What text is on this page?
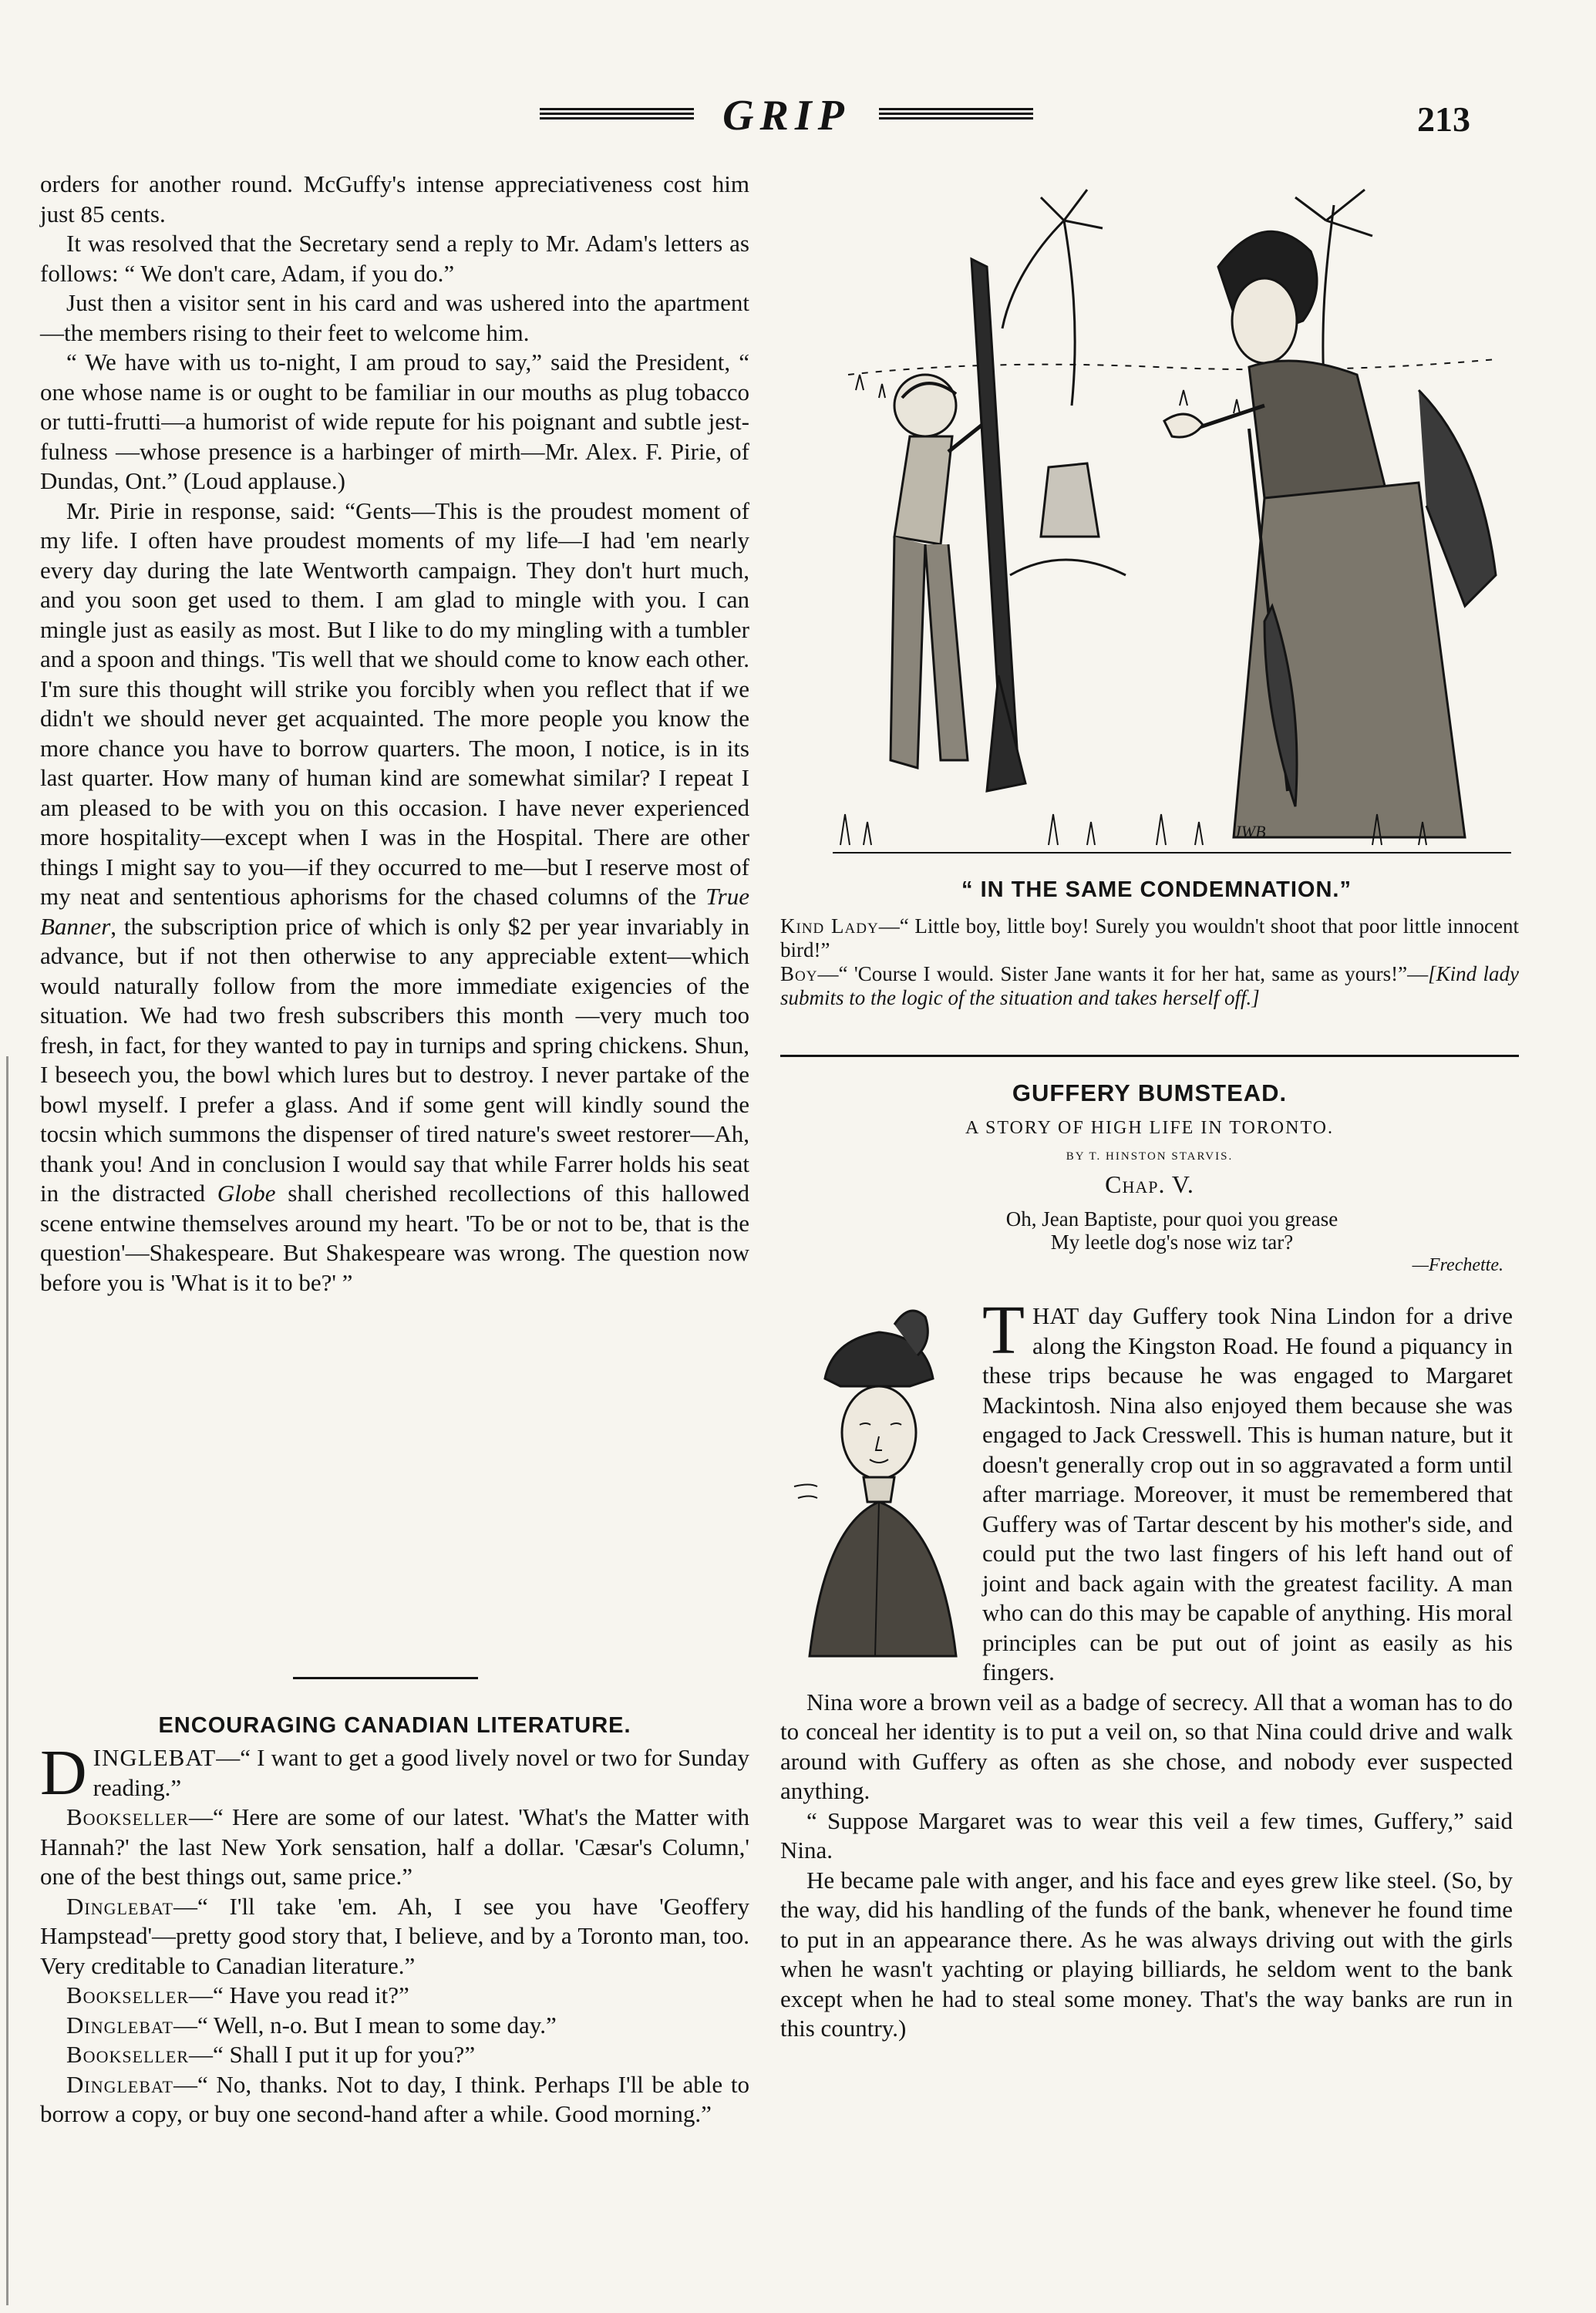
GRIP	213

orders for another round. McGuffy's intense appreciativeness cost him just 85 cents.

It was resolved that the Secretary send a reply to Mr. Adam's letters as follows: “ We don't care, Adam, if you do.”

Just then a visitor sent in his card and was ushered into the apartment—the members rising to their feet to welcome him.

“ We have with us to-night, I am proud to say,” said the President, “ one whose name is or ought to be familiar in our mouths as plug tobacco or tutti-frutti—a humorist of wide repute for his poignant and subtle jestfulness —whose presence is a harbinger of mirth—Mr. Alex. F. Pirie, of Dundas, Ont.” (Loud applause.)

Mr. Pirie in response, said: “Gents—This is the proudest moment of my life. I often have proudest moments of my life—I had 'em nearly every day during the late Wentworth campaign. They don't hurt much, and you soon get used to them. I am glad to mingle with you. I can mingle just as easily as most. But I like to do my mingling with a tumbler and a spoon and things. 'Tis well that we should come to know each other. I'm sure this thought will strike you forcibly when you reflect that if we didn't we should never get acquainted. The more people you know the more chance you have to borrow quarters. The moon, I notice, is in its last quarter. How many of human kind are somewhat similar? I repeat I am pleased to be with you on this occasion. I have never experienced more hospitality—except when I was in the Hospital. There are other things I might say to you—if they occurred to me—but I reserve most of my neat and sententious aphorisms for the chased columns of the True Banner, the subscription price of which is only $2 per year invariably in advance, but if not then otherwise to any appreciable extent—which would naturally follow from the more immediate exigencies of the situation. We had two fresh subscribers this month —very much too fresh, in fact, for they wanted to pay in turnips and spring chickens. Shun, I beseech you, the bowl which lures but to destroy. I never partake of the bowl myself. I prefer a glass. And if some gent will kindly sound the tocsin which summons the dispenser of tired nature's sweet restorer—Ah, thank you! And in conclusion I would say that while Farrer holds his seat in the distracted Globe shall cherished recollections of this hallowed scene entwine themselves around my heart. 'To be or not to be, that is the question'—Shakespeare. But Shakespeare was wrong. The question now before you is 'What is it to be?' ”

ENCOURAGING CANADIAN LITERATURE.

DINGLEBAT—“ I want to get a good lively novel or two for Sunday reading.”

Bookseller—“ Here are some of our latest. 'What's the Matter with Hannah?' the last New York sensation, half a dollar. 'Cæsar's Column,' one of the best things out, same price.”

Dinglebat—“ I'll take 'em. Ah, I see you have 'Geoffery Hampstead'—pretty good story that, I believe, and by a Toronto man, too. Very creditable to Canadian literature.”

Bookseller—“ Have you read it?”

Dinglebat—“ Well, n-o. But I mean to some day.”

Bookseller—“ Shall I put it up for you?”

Dinglebat—“ No, thanks. Not to day, I think. Perhaps I'll be able to borrow a copy, or buy one second-hand after a while. Good morning.”

JWB
“ IN THE SAME CONDEMNATION.”

Kind Lady—“ Little boy, little boy! Surely you wouldn't shoot that poor little innocent bird!”

Boy—“ 'Course I would. Sister Jane wants it for her hat, same as yours!”—[Kind lady submits to the logic of the situation and takes herself off.]

GUFFERY BUMSTEAD.
A STORY OF HIGH LIFE IN TORONTO.
BY T. HINSTON STARVIS.
Chap. V.
Oh, Jean Baptiste, pour quoi you grease
My leetle dog's nose wiz tar?
—Frechette.

THAT day Guffery took Nina Lindon for a drive along the Kingston Road. He found a piquancy in these trips because he was engaged to Margaret Mackintosh. Nina also enjoyed them because she was engaged to Jack Cresswell. This is human nature, but it doesn't generally crop out in so aggravated a form until after marriage. Moreover, it must be remembered that Guffery was of Tartar descent by his mother's side, and could put the two last fingers of his left hand out of joint and back again with the greatest facility. A man who can do this may be capable of anything. His moral principles can be put out of joint as easily as his fingers.

Nina wore a brown veil as a badge of secrecy. All that a woman has to do to conceal her identity is to put a veil on, so that Nina could drive and walk around with Guffery as often as she chose, and nobody ever suspected anything.

“ Suppose Margaret was to wear this veil a few times, Guffery,” said Nina.

He became pale with anger, and his face and eyes grew like steel. (So, by the way, did his handling of the funds of the bank, whenever he found time to put in an appearance there. As he was always driving out with the girls when he wasn't yachting or playing billiards, he seldom went to the bank except when he had to steal some money. That's the way banks are run in this country.)
